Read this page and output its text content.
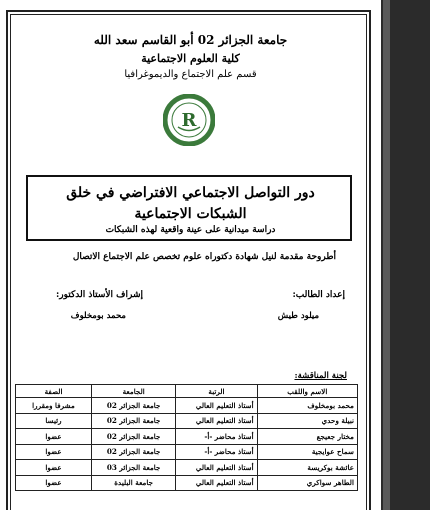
جامعة الجزائر 02 أبو القاسم سعد الله
كلية العلوم الاجتماعية
قسم علم الاجتماع والديموغرافيا
R
دور التواصل الاجتماعي الافتراضي في خلق
الشبكات الاجتماعية
دراسة ميدانية على عينة واقعية لهذه الشبكات
أطروحة مقدمة لنيل شهادة دكتوراه علوم تخصص علم الاجتماع الاتصال
إعداد الطالب:
ميلود طيش
إشراف الأستاذ الدكتور:
محمد بومخلوف
لجنة المناقشة:
الاسم واللقب	الرتبة	الجامعة	الصفة
محمد بومخلوف	أستاذ التعليم العالي	جامعة الجزائر 02	مشرفا ومقررا
نبيلة وحدي	أستاذ التعليم العالي	جامعة الجزائر 02	رئيسا
مختار جعيجع	أستاذ محاضر -أ-	جامعة الجزائر 02	عضوا
سماح عوايجية	أستاذ محاضر -أ-	جامعة الجزائر 02	عضوا
عائشة بوكريسة	أستاذ التعليم العالي	جامعة الجزائر 03	عضوا
الطاهر سواكري	أستاذ التعليم العالي	جامعة البليدة	عضوا
